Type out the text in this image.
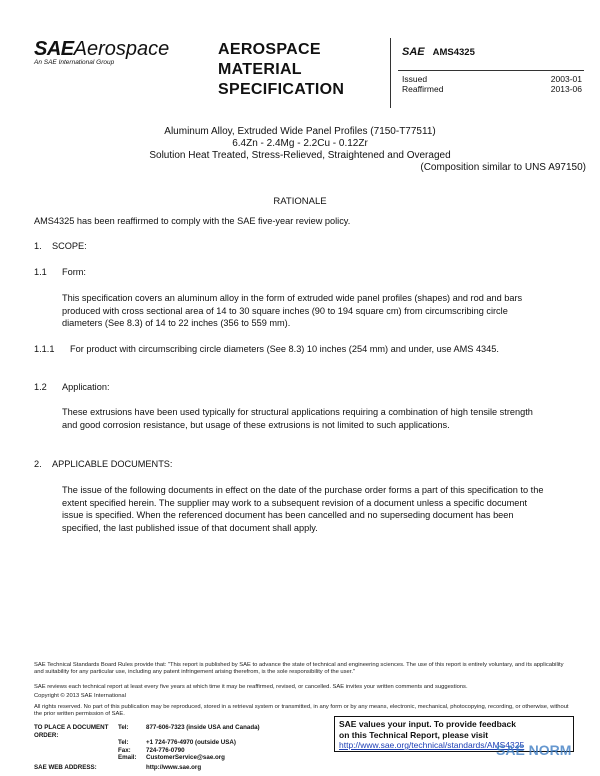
SAEAerospace
An SAE International Group
AEROSPACE
MATERIAL
SPECIFICATION
SAE AMS4325
Issued	2003-01
Reaffirmed	2013-06
Aluminum Alloy, Extruded Wide Panel Profiles (7150-T77511)
6.4Zn - 2.4Mg - 2.2Cu - 0.12Zr
Solution Heat Treated, Stress-Relieved, Straightened and Overaged
(Composition similar to UNS A97150)
RATIONALE
AMS4325 has been reaffirmed to comply with the SAE five-year review policy.
1. SCOPE:
1.1 Form:
This specification covers an aluminum alloy in the form of extruded wide panel profiles (shapes) and rod and bars produced with cross sectional area of 14 to 30 square inches (90 to 194 square cm) from circumscribing circle diameters (See 8.3) of 14 to 22 inches (356 to 559 mm).
1.1.1 For product with circumscribing circle diameters (See 8.3) 10 inches (254 mm) and under, use AMS 4345.
1.2 Application:
These extrusions have been used typically for structural applications requiring a combination of high tensile strength and good corrosion resistance, but usage of these extrusions is not limited to such applications.
2. APPLICABLE DOCUMENTS:
The issue of the following documents in effect on the date of the purchase order forms a part of this specification to the extent specified herein. The supplier may work to a subsequent revision of a document unless a specific document issue is specified. When the referenced document has been cancelled and no superseding document has been specified, the last published issue of that document shall apply.
SAE Technical Standards Board Rules provide that: "This report is published by SAE to advance the state of technical and engineering sciences. The use of this report is entirely voluntary, and its applicability and suitability for any particular use, including any patent infringement arising therefrom, is the sole responsibility of the user."
SAE reviews each technical report at least every five years at which time it may be reaffirmed, revised, or cancelled. SAE invites your written comments and suggestions.
Copyright © 2013 SAE International
All rights reserved. No part of this publication may be reproduced, stored in a retrieval system or transmitted, in any form or by any means, electronic, mechanical, photocopying, recording, or otherwise, without the prior written permission of SAE.
TO PLACE A DOCUMENT ORDER:
Tel:	877-606-7323 (inside USA and Canada)
Tel:	+1 724-776-4970 (outside USA)
Fax:	724-776-0790
Email:	CustomerService@sae.org
SAE WEB ADDRESS:	http://www.sae.org
SAE values your input. To provide feedback
on this Technical Report, please visit
http://www.sae.org/technical/standards/AMS4325
SAE NORM
